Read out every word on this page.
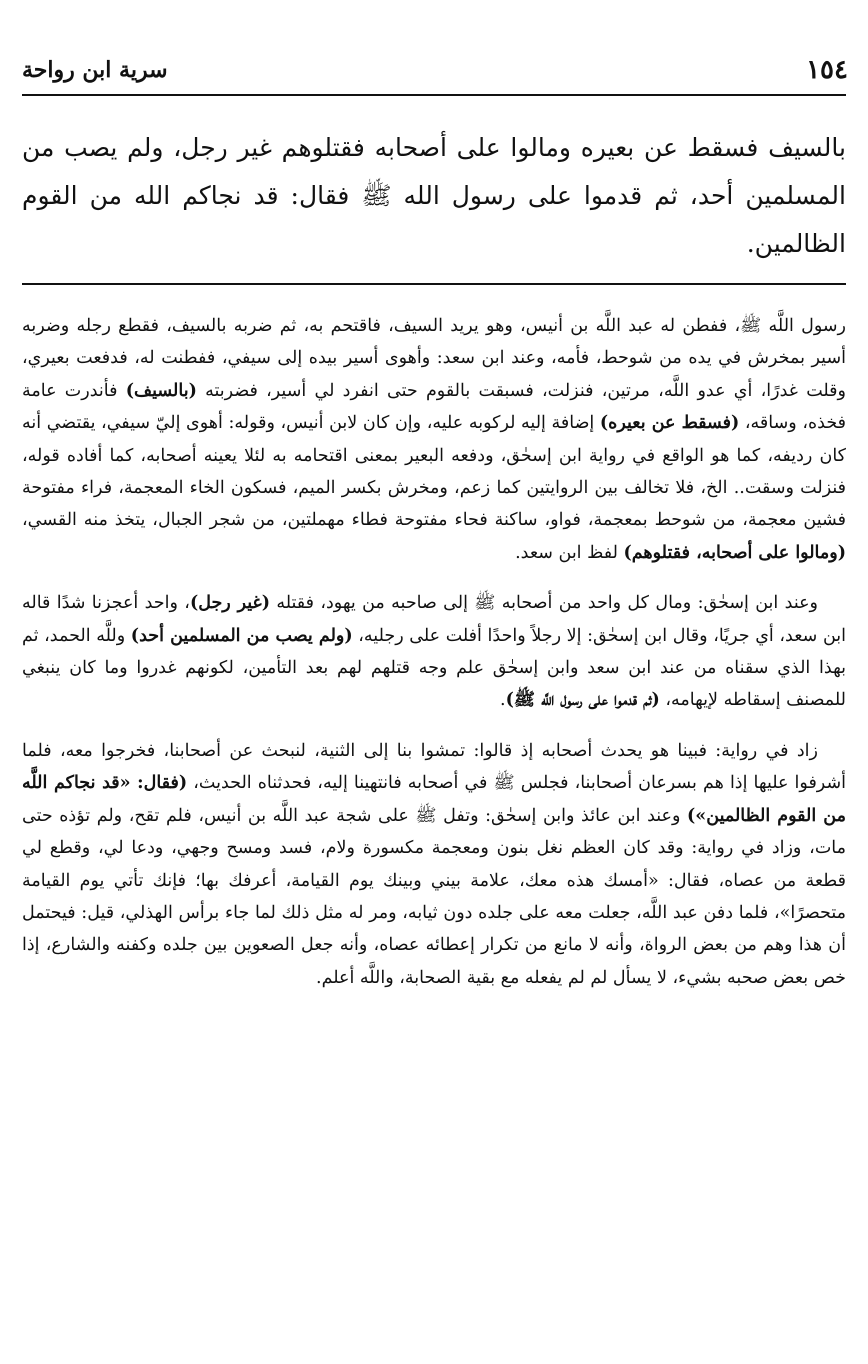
١٥٤
سرية ابن رواحة

بالسيف فسقط عن بعيره ومالوا على أصحابه فقتلوهم غير رجل، ولم يصب من المسلمين أحد، ثم قدموا على رسول الله ﷺ فقال: قد نجاكم الله من القوم الظالمين.

رسول اللَّه ﷺ، ففطن له عبد اللَّه بن أنيس، وهو يريد السيف، فاقتحم به، ثم ضربه بالسيف، فقطع رجله وضربه أسير بمخرش في يده من شوحط، فأمه، وعند ابن سعد: وأهوى أسير بيده إلى سيفي، ففطنت له، فدفعت بعيري، وقلت غدرًا، أي عدو اللَّه، مرتين، فنزلت، فسبقت بالقوم حتى انفرد لي أسير، فضربته (بالسيف) فأندرت عامة فخذه، وساقه، (فسقط عن بعيره) إضافة إليه لركوبه عليه، وإن كان لابن أنيس، وقوله: أهوى إليّ سيفي، يقتضي أنه كان رديفه، كما هو الواقع في رواية ابن إسحٰق، ودفعه البعير بمعنى اقتحامه به لئلا يعينه أصحابه، كما أفاده قوله، فنزلت وسقت.. الخ، فلا تخالف بين الروايتين كما زعم، ومخرش بكسر الميم، فسكون الخاء المعجمة، فراء مفتوحة فشين معجمة، من شوحط بمعجمة، فواو، ساكنة فحاء مفتوحة فطاء مهملتين، من شجر الجبال، يتخذ منه القسي، (ومالوا على أصحابه، فقتلوهم) لفظ ابن سعد.

وعند ابن إسحٰق: ومال كل واحد من أصحابه ﷺ إلى صاحبه من يهود، فقتله (غير رجل)، واحد أعجزنا شدًا قاله ابن سعد، أي جريًا، وقال ابن إسحٰق: إلا رجلاً واحدًا أفلت على رجليه، (ولم يصب من المسلمين أحد) وللَّه الحمد، ثم بهذا الذي سقناه من عند ابن سعد وابن إسحٰق علم وجه قتلهم لهم بعد التأمين، لكونهم غدروا وما كان ينبغي للمصنف إسقاطه لإيهامه، (ثم قدموا على رسول اللَّه ﷺ).

زاد في رواية: فبينا هو يحدث أصحابه إذ قالوا: تمشوا بنا إلى الثنية، لنبحث عن أصحابنا، فخرجوا معه، فلما أشرفوا عليها إذا هم بسرعان أصحابنا، فجلس ﷺ في أصحابه فانتهينا إليه، فحدثناه الحديث، (فقال: «قد نجاكم اللَّه من القوم الظالمين») وعند ابن عائذ وابن إسحٰق: وتفل ﷺ على شجة عبد اللَّه بن أنيس، فلم تقح، ولم تؤذه حتى مات، وزاد في رواية: وقد كان العظم نغل بنون ومعجمة مكسورة ولام، فسد ومسح وجهي، ودعا لي، وقطع لي قطعة من عصاه، فقال: «أمسك هذه معك، علامة بيني وبينك يوم القيامة، أعرفك بها؛ فإنك تأتي يوم القيامة متحصرًا»، فلما دفن عبد اللَّه، جعلت معه على جلده دون ثيابه، ومر له مثل ذلك لما جاء برأس الهذلي، قيل: فيحتمل أن هذا وهم من بعض الرواة، وأنه لا مانع من تكرار إعطائه عصاه، وأنه جعل الصعوين بين جلده وكفنه والشارع، إذا خص بعض صحبه بشيء، لا يسأل لم لم يفعله مع بقية الصحابة، واللَّه أعلم.
